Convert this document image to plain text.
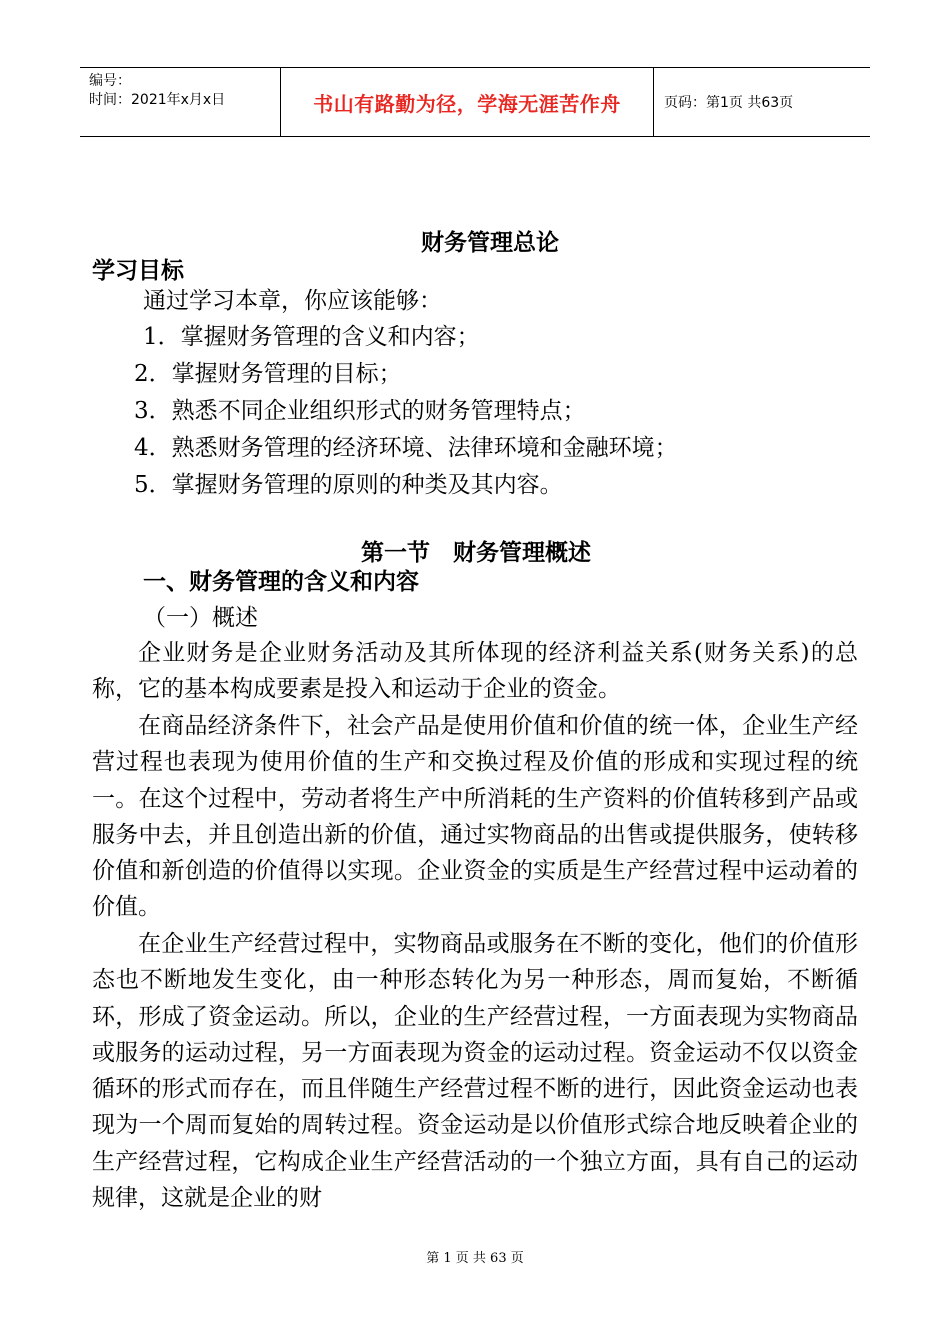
编号：
时间：2021年x月x日	书山有路勤为径，学海无涯苦作舟	页码：第1页 共63页
财务管理总论
学习目标
通过学习本章，你应该能够：
1．掌握财务管理的含义和内容；
2．掌握财务管理的目标；
3．熟悉不同企业组织形式的财务管理特点；
4．熟悉财务管理的经济环境、法律环境和金融环境；
5．掌握财务管理的原则的种类及其内容。
第一节　财务管理概述
一、财务管理的含义和内容
（一）概述

企业财务是企业财务活动及其所体现的经济利益关系(财务关系)的总称，它的基本构成要素是投入和运动于企业的资金。

在商品经济条件下，社会产品是使用价值和价值的统一体，企业生产经营过程也表现为使用价值的生产和交换过程及价值的形成和实现过程的统一。在这个过程中，劳动者将生产中所消耗的生产资料的价值转移到产品或服务中去，并且创造出新的价值，通过实物商品的出售或提供服务，使转移价值和新创造的价值得以实现。企业资金的实质是生产经营过程中运动着的价值。

在企业生产经营过程中，实物商品或服务在不断的变化，他们的价值形态也不断地发生变化，由一种形态转化为另一种形态，周而复始，不断循环，形成了资金运动。所以，企业的生产经营过程，一方面表现为实物商品或服务的运动过程，另一方面表现为资金的运动过程。资金运动不仅以资金循环的形式而存在，而且伴随生产经营过程不断的进行，因此资金运动也表现为一个周而复始的周转过程。资金运动是以价值形式综合地反映着企业的生产经营过程，它构成企业生产经营活动的一个独立方面，具有自己的运动规律，这就是企业的财

第 1 页 共 63 页
